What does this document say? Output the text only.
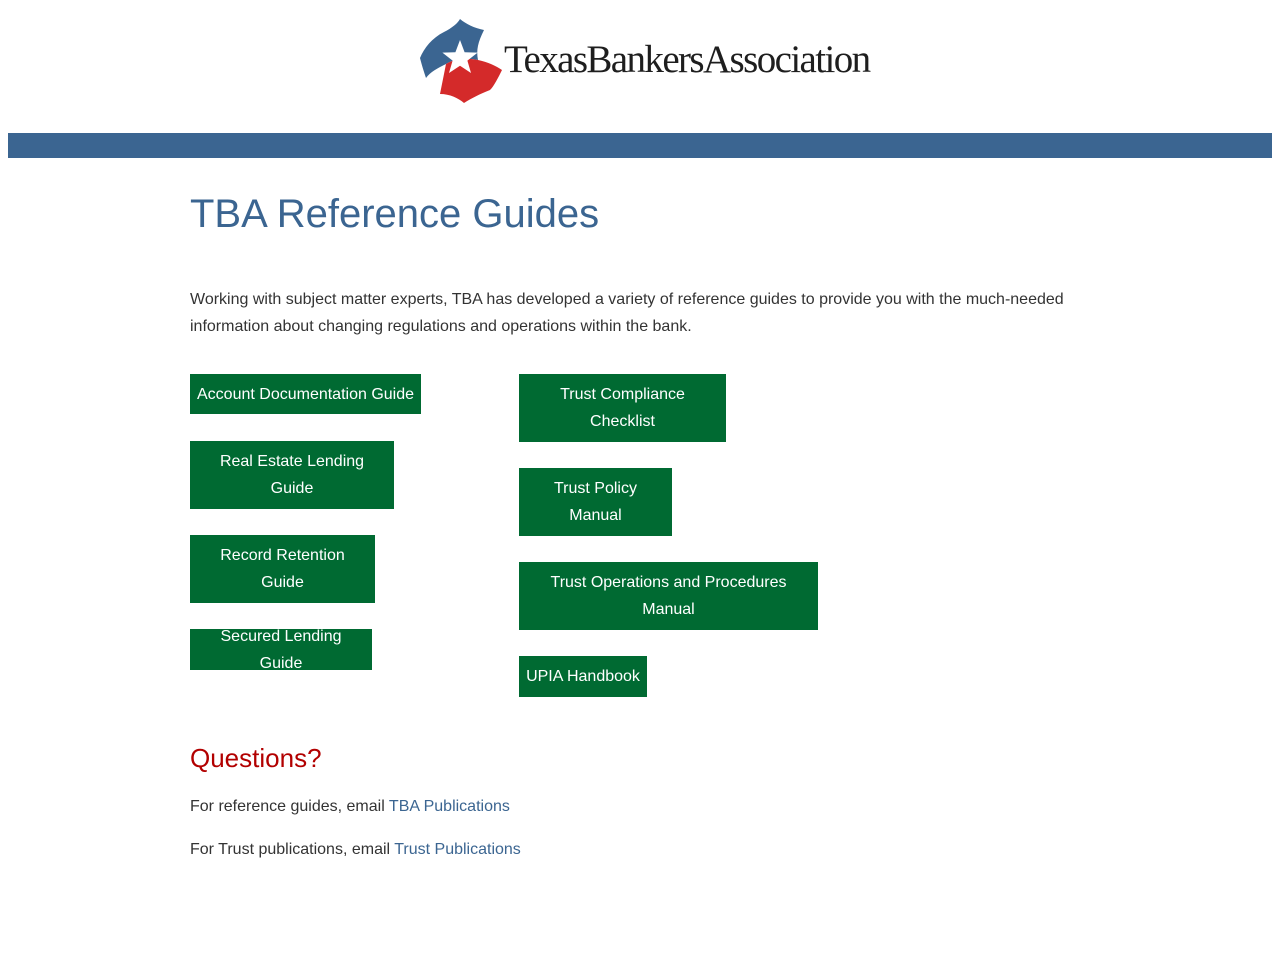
TexasBankersAssociation
TBA Reference Guides

Working with subject matter experts, TBA has developed a variety of reference guides to provide you with the much-needed information about changing regulations and operations within the bank.

Account Documentation Guide
Real Estate Lending Guide
Record Retention Guide
Secured Lending Guide
Trust Compliance Checklist
Trust Policy Manual
Trust Operations and Procedures Manual
UPIA Handbook
Questions?

For reference guides, email TBA Publications

For Trust publications, email Trust Publications
